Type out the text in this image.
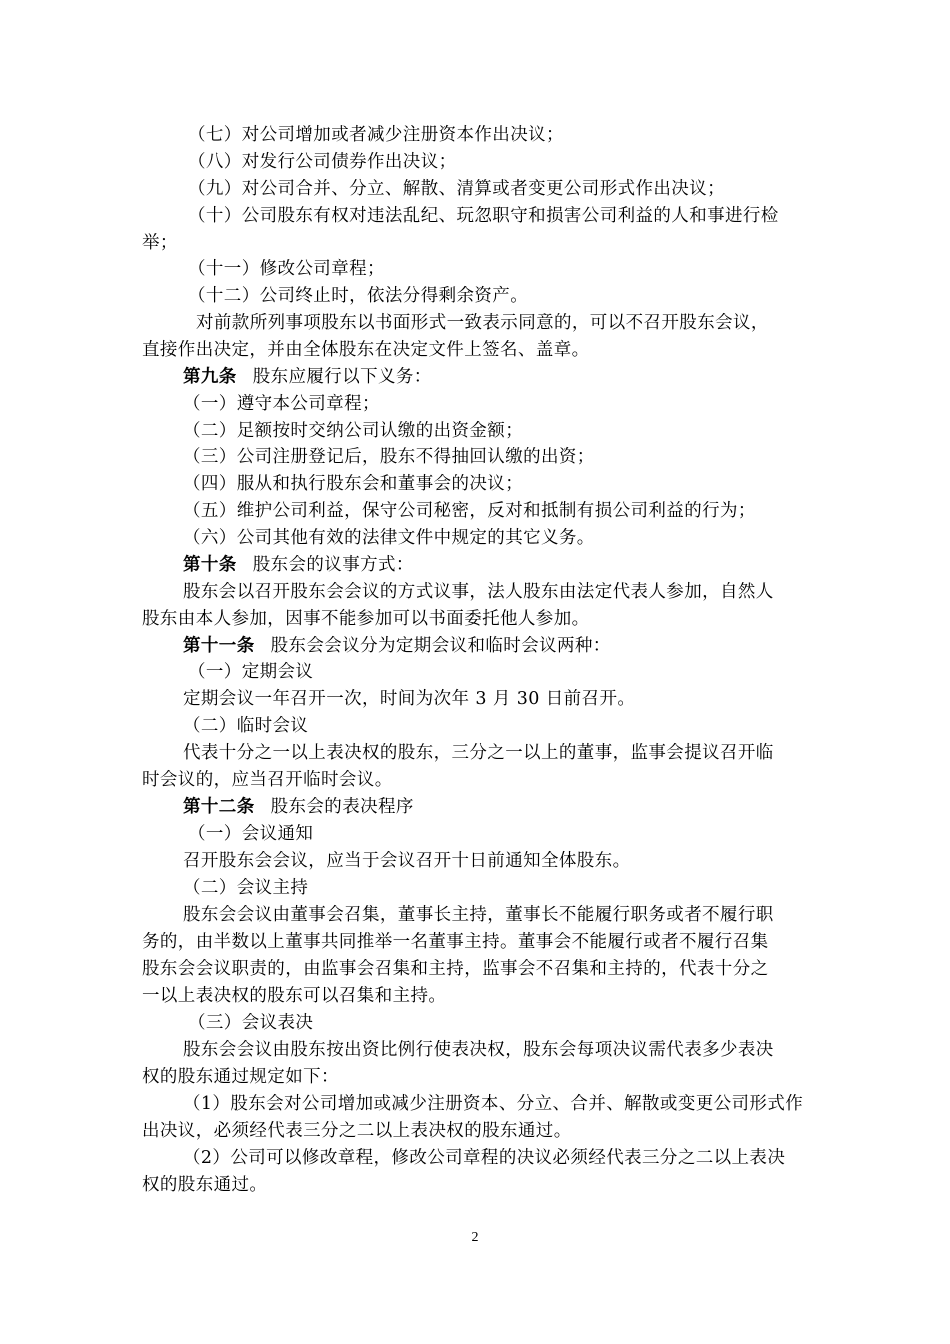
（七）对公司增加或者减少注册资本作出决议；
（八）对发行公司债券作出决议；
（九）对公司合并、分立、解散、清算或者变更公司形式作出决议；
（十）公司股东有权对违法乱纪、玩忽职守和损害公司利益的人和事进行检
举；
（十一）修改公司章程；
（十二）公司终止时，依法分得剩余资产。
对前款所列事项股东以书面形式一致表示同意的，可以不召开股东会议，
直接作出决定，并由全体股东在决定文件上签名、盖章。
第九条 股东应履行以下义务：
（一）遵守本公司章程；
（二）足额按时交纳公司认缴的出资金额；
（三）公司注册登记后，股东不得抽回认缴的出资；
（四）服从和执行股东会和董事会的决议；
（五）维护公司利益，保守公司秘密，反对和抵制有损公司利益的行为；
（六）公司其他有效的法律文件中规定的其它义务。
第十条 股东会的议事方式：
股东会以召开股东会会议的方式议事，法人股东由法定代表人参加，自然人
股东由本人参加，因事不能参加可以书面委托他人参加。
第十一条 股东会会议分为定期会议和临时会议两种：
（一）定期会议
定期会议一年召开一次，时间为次年 3 月 30 日前召开。
（二）临时会议
代表十分之一以上表决权的股东，三分之一以上的董事，监事会提议召开临
时会议的，应当召开临时会议。
第十二条 股东会的表决程序
（一）会议通知
召开股东会会议，应当于会议召开十日前通知全体股东。
（二）会议主持
股东会会议由董事会召集，董事长主持，董事长不能履行职务或者不履行职
务的，由半数以上董事共同推举一名董事主持。董事会不能履行或者不履行召集
股东会会议职责的，由监事会召集和主持，监事会不召集和主持的，代表十分之
一以上表决权的股东可以召集和主持。
（三）会议表决
股东会会议由股东按出资比例行使表决权，股东会每项决议需代表多少表决
权的股东通过规定如下：
（1）股东会对公司增加或减少注册资本、分立、合并、解散或变更公司形式作
出决议，必须经代表三分之二以上表决权的股东通过。
（2）公司可以修改章程，修改公司章程的决议必须经代表三分之二以上表决
权的股东通过。
2
